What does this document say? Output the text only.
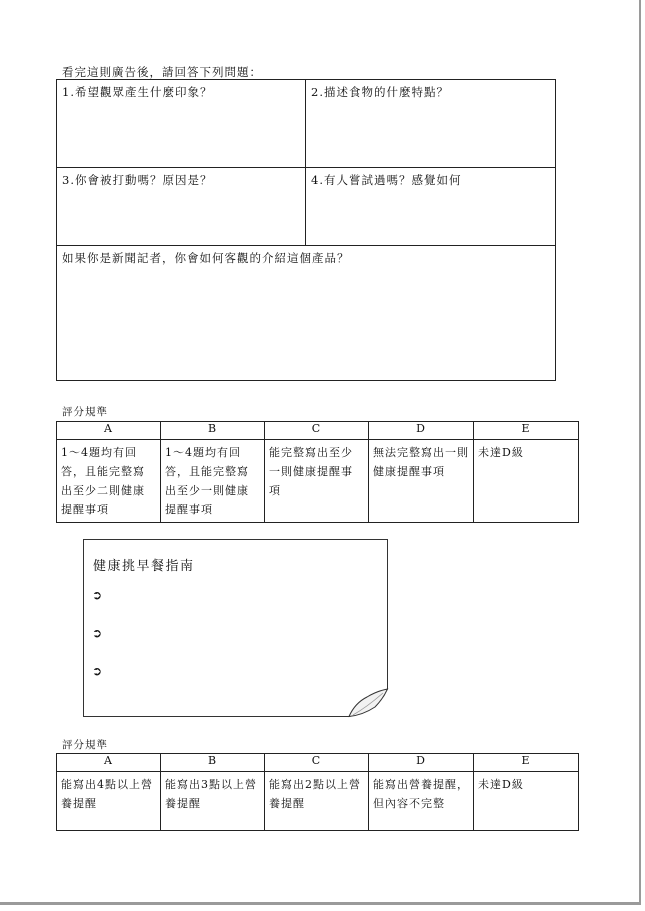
看完這則廣告後，請回答下列問題：
1.希望觀眾產生什麼印象？	2.描述食物的什麼特點？
3.你會被打動嗎？原因是？	4.有人嘗試過嗎？感覺如何
如果你是新聞記者，你會如何客觀的介紹這個產品？
評分規準
A	B	C	D	E
1～4題均有回答，且能完整寫出至少二則健康提醒事項	1～4題均有回答，且能完整寫出至少一則健康提醒事項	能完整寫出至少一則健康提醒事項	無法完整寫出一則健康提醒事項	未達D級
健康挑早餐指南
➲
➲
➲
評分規準
A	B	C	D	E
能寫出4點以上營養提醒	能寫出3點以上營養提醒	能寫出2點以上營養提醒	能寫出營養提醒，但內容不完整	未達D級
